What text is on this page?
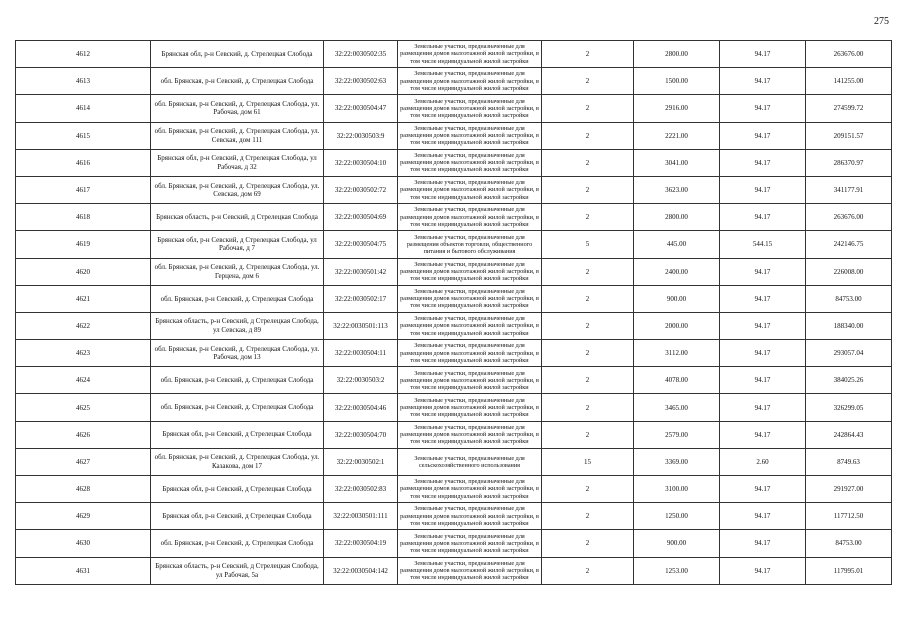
275
4612	Брянская обл, р-н Севский, д. Стрелецкая Слобода	32:22:0030502:35	Земельные участки, предназначенные для размещения домов малоэтажной жилой застройки, в том числе индивидуальной жилой застройки	2	2800.00	94.17	263676.00
4613	обл. Брянская, р-н Севский, д. Стрелецкая Слобода	32:22:0030502:63	Земельные участки, предназначенные для размещения домов малоэтажной жилой застройки, в том числе индивидуальной жилой застройки	2	1500.00	94.17	141255.00
4614	обл. Брянская, р-н Севский, д. Стрелецкая Слобода, ул. Рабочая, дом 61	32:22:0030504:47	Земельные участки, предназначенные для размещения домов малоэтажной жилой застройки, в том числе индивидуальной жилой застройки	2	2916.00	94.17	274599.72
4615	обл. Брянская, р-н Севский, д. Стрелецкая Слобода, ул. Севская, дом 111	32:22:0030503:9	Земельные участки, предназначенные для размещения домов малоэтажной жилой застройки, в том числе индивидуальной жилой застройки	2	2221.00	94.17	209151.57
4616	Брянская обл, р-н Севский, д Стрелецкая Слобода, ул Рабочая, д 32	32:22:0030504:10	Земельные участки, предназначенные для размещения домов малоэтажной жилой застройки, в том числе индивидуальной жилой застройки	2	3041.00	94.17	286370.97
4617	обл. Брянская, р-н Севский, д. Стрелецкая Слобода, ул. Севская, дом 69	32:22:0030502:72	Земельные участки, предназначенные для размещения домов малоэтажной жилой застройки, в том числе индивидуальной жилой застройки	2	3623.00	94.17	341177.91
4618	Брянская область, р-н Севский, д Стрелецкая Слобода	32:22:0030504:69	Земельные участки, предназначенные для размещения домов малоэтажной жилой застройки, в том числе индивидуальной жилой застройки	2	2800.00	94.17	263676.00
4619	Брянская обл, р-н Севский, д Стрелецкая Слобода, ул Рабочая, д 7	32:22:0030504:75	Земельные участки, предназначенные для размещения объектов торговли, общественного питания и бытового обслуживания	5	445.00	544.15	242146.75
4620	обл. Брянская, р-н Севский, д. Стрелецкая Слобода, ул. Герцена, дом 6	32:22:0030501:42	Земельные участки, предназначенные для размещения домов малоэтажной жилой застройки, в том числе индивидуальной жилой застройки	2	2400.00	94.17	226008.00
4621	обл. Брянская, р-н Севский, д. Стрелецкая Слобода	32:22:0030502:17	Земельные участки, предназначенные для размещения домов малоэтажной жилой застройки, в том числе индивидуальной жилой застройки	2	900.00	94.17	84753.00
4622	Брянская область, р-н Севский, д Стрелецкая Слобода, ул Севская, д 89	32:22:0030501:113	Земельные участки, предназначенные для размещения домов малоэтажной жилой застройки, в том числе индивидуальной жилой застройки	2	2000.00	94.17	188340.00
4623	обл. Брянская, р-н Севский, д. Стрелецкая Слобода, ул. Рабочая, дом 13	32:22:0030504:11	Земельные участки, предназначенные для размещения домов малоэтажной жилой застройки, в том числе индивидуальной жилой застройки	2	3112.00	94.17	293057.04
4624	обл. Брянская, р-н Севский, д. Стрелецкая Слобода	32:22:0030503:2	Земельные участки, предназначенные для размещения домов малоэтажной жилой застройки, в том числе индивидуальной жилой застройки	2	4078.00	94.17	384025.26
4625	обл. Брянская, р-н Севский, д. Стрелецкая Слобода	32:22:0030504:46	Земельные участки, предназначенные для размещения домов малоэтажной жилой застройки, в том числе индивидуальной жилой застройки	2	3465.00	94.17	326299.05
4626	Брянская обл, р-н Севский, д Стрелецкая Слобода	32:22:0030504:70	Земельные участки, предназначенные для размещения домов малоэтажной жилой застройки, в том числе индивидуальной жилой застройки	2	2579.00	94.17	242864.43
4627	обл. Брянская, р-н Севский, д. Стрелецкая Слобода, ул. Казакова, дом 17	32:22:0030502:1	Земельные участки, предназначенные для сельскохозяйственного использования	15	3369.00	2.60	8749.63
4628	Брянская обл, р-н Севский, д Стрелецкая Слобода	32:22:0030502:83	Земельные участки, предназначенные для размещения домов малоэтажной жилой застройки, в том числе индивидуальной жилой застройки	2	3100.00	94.17	291927.00
4629	Брянская обл, р-н Севский, д Стрелецкая Слобода	32:22:0030501:111	Земельные участки, предназначенные для размещения домов малоэтажной жилой застройки, в том числе индивидуальной жилой застройки	2	1250.00	94.17	117712.50
4630	обл. Брянская, р-н Севский, д. Стрелецкая Слобода	32:22:0030504:19	Земельные участки, предназначенные для размещения домов малоэтажной жилой застройки, в том числе индивидуальной жилой застройки	2	900.00	94.17	84753.00
4631	Брянская область, р-н Севский, д Стрелецкая Слобода, ул Рабочая, 5а	32:22:0030504:142	Земельные участки, предназначенные для размещения домов малоэтажной жилой застройки, в том числе индивидуальной жилой застройки	2	1253.00	94.17	117995.01
